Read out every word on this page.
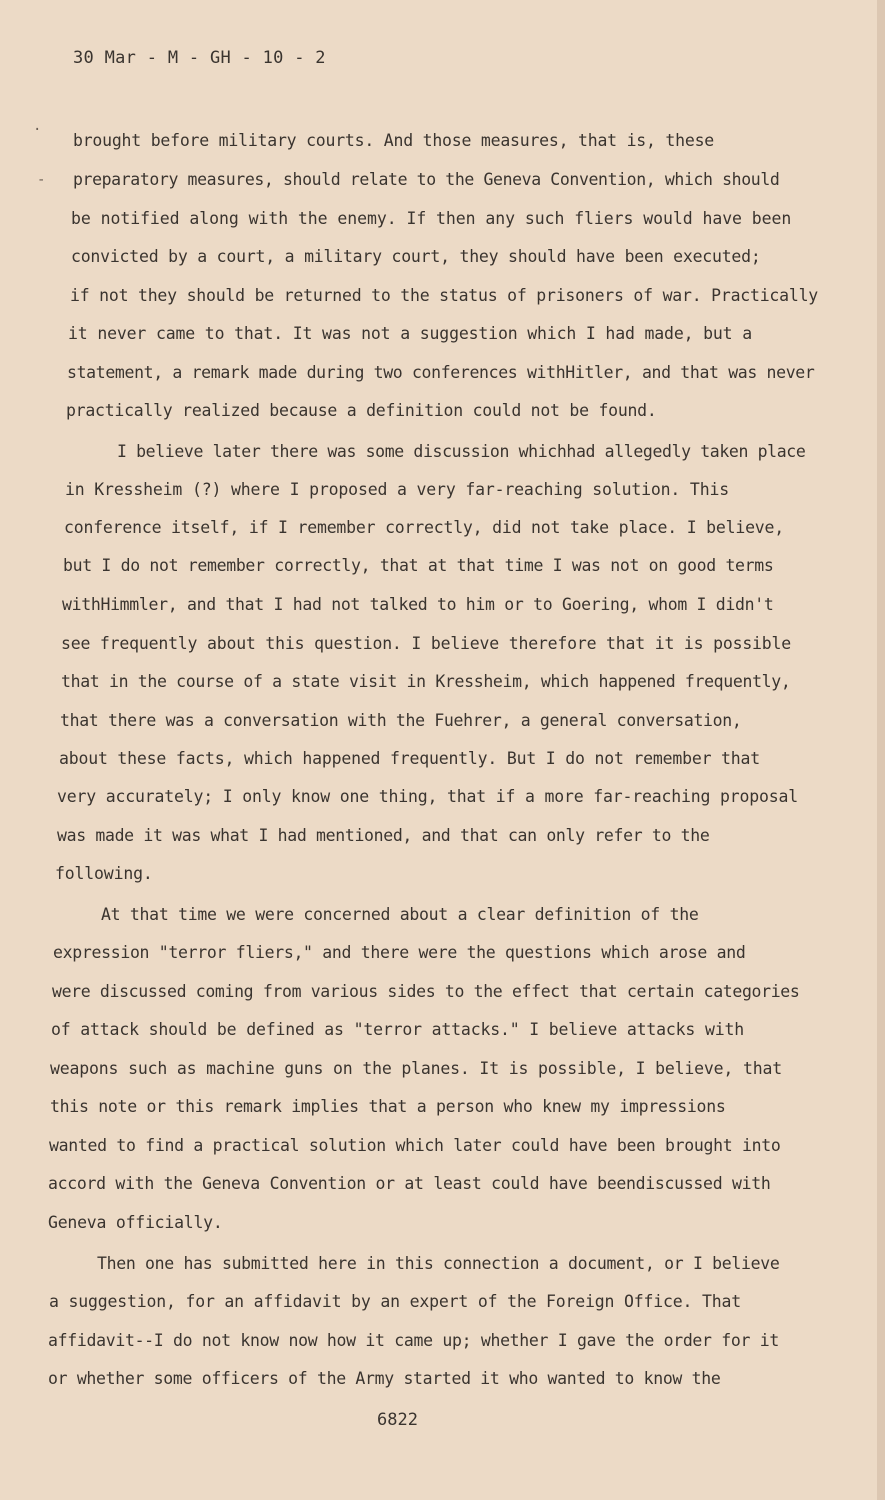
30 Mar - M - GH - 10 - 2
·
-
brought before military courts. And those measures, that is, these
preparatory measures, should relate to the Geneva Convention, which should
be notified along with the enemy. If then any such fliers would have been
convicted by a court, a military court, they should have been executed;
if not they should be returned to the status of prisoners of war. Practically
it never came to that. It was not a suggestion which I had made, but a
statement, a remark made during two conferences withHitler, and that was never
practically realized because a definition could not be found.
I believe later there was some discussion whichhad allegedly taken place
in Kressheim (?) where I proposed a very far-reaching solution. This
conference itself, if I remember correctly, did not take place. I believe,
but I do not remember correctly, that at that time I was not on good terms
withHimmler, and that I had not talked to him or to Goering, whom I didn't
see frequently about this question. I believe therefore that it is possible
that in the course of a state visit in Kressheim, which happened frequently,
that there was a conversation with the Fuehrer, a general conversation,
about these facts, which happened frequently. But I do not remember that
very accurately; I only know one thing, that if a more far-reaching proposal
was made it was what I had mentioned, and that can only refer to the
following.
At that time we were concerned about a clear definition of the
expression "terror fliers," and there were the questions which arose and
were discussed coming from various sides to the effect that certain categories
of attack should be defined as "terror attacks." I believe attacks with
weapons such as machine guns on the planes. It is possible, I believe, that
this note or this remark implies that a person who knew my impressions
wanted to find a practical solution which later could have been brought into
accord with the Geneva Convention or at least could have beendiscussed with
Geneva officially.
Then one has submitted here in this connection a document, or I believe
a suggestion, for an affidavit by an expert of the Foreign Office. That
affidavit--I do not know now how it came up; whether I gave the order for it
or whether some officers of the Army started it who wanted to know the
6822
